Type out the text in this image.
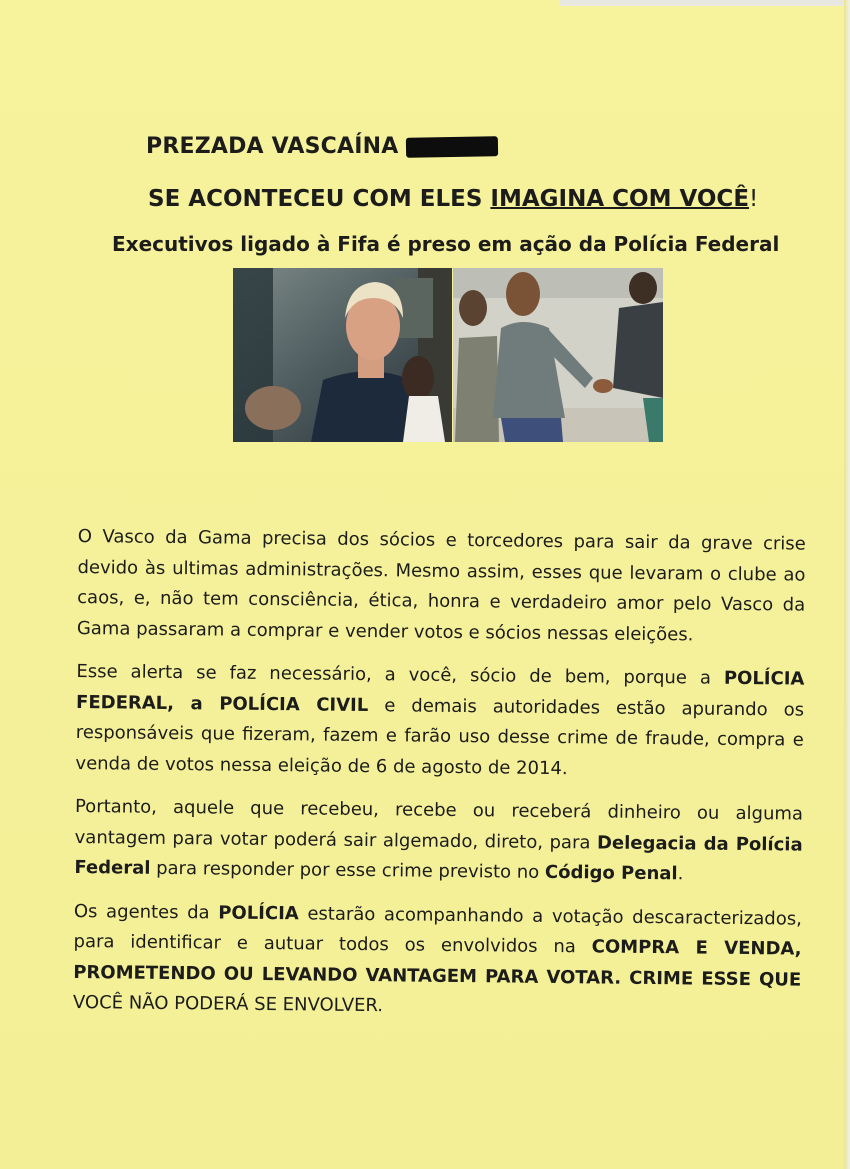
PREZADA VASCAÍNA
SE ACONTECEU COM ELES IMAGINA COM VOCÊ!
Executivos ligado à Fifa é preso em ação da Polícia Federal

O Vasco da Gama precisa dos sócios e torcedores para sair da grave crise devido às ultimas administrações. Mesmo assim, esses que levaram o clube ao caos, e, não tem consciência, ética, honra e verdadeiro amor pelo Vasco da Gama passaram a comprar e vender votos e sócios nessas eleições.

Esse alerta se faz necessário, a você, sócio de bem, porque a POLÍCIA FEDERAL, a POLÍCIA CIVIL e demais autoridades estão apurando os responsáveis que fizeram, fazem e farão uso desse crime de fraude, compra e venda de votos nessa eleição de 6 de agosto de 2014.

Portanto, aquele que recebeu, recebe ou receberá dinheiro ou alguma vantagem para votar poderá sair algemado, direto, para Delegacia da Polícia Federal para responder por esse crime previsto no Código Penal.

Os agentes da POLÍCIA estarão acompanhando a votação descaracterizados, para identificar e autuar todos os envolvidos na COMPRA E VENDA, PROMETENDO OU LEVANDO VANTAGEM PARA VOTAR. CRIME ESSE QUE VOCÊ NÃO PODERÁ SE ENVOLVER.
